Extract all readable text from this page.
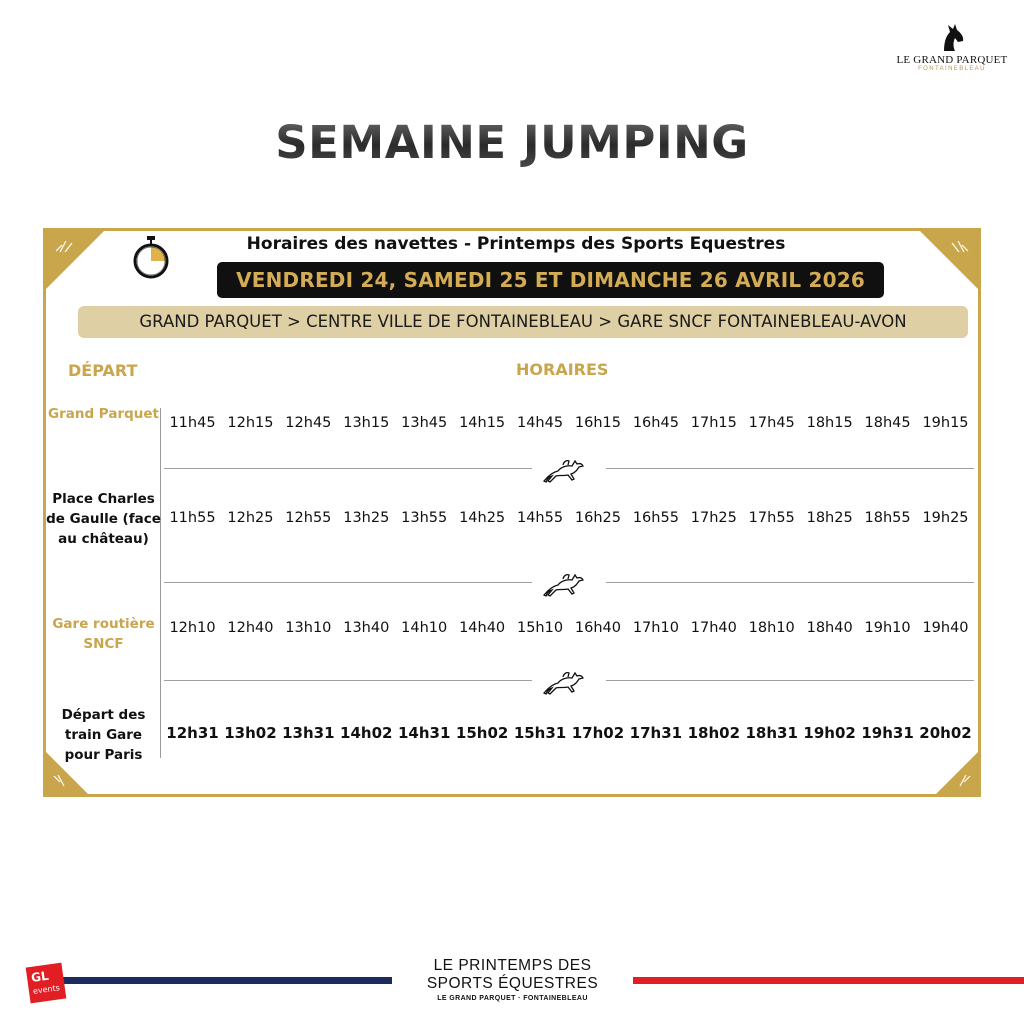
LE GRAND PARQUET
FONTAINEBLEAU
SEMAINE JUMPING
Horaires des navettes - Printemps des Sports Equestres
VENDREDI 24, SAMEDI 25 ET DIMANCHE 26 AVRIL 2026
GRAND PARQUET > CENTRE VILLE DE FONTAINEBLEAU > GARE SNCF FONTAINEBLEAU-AVON
DÉPART	HORAIRES
Grand Parquet
11h45 12h15 12h45 13h15 13h45 14h15 14h45 16h15 16h45 17h15 17h45 18h15 18h45 19h15
Place Charles de Gaulle (face au château)
11h55 12h25 12h55 13h25 13h55 14h25 14h55 16h25 16h55 17h25 17h55 18h25 18h55 19h25
Gare routière SNCF
12h10 12h40 13h10 13h40 14h10 14h40 15h10 16h40 17h10 17h40 18h10 18h40 19h10 19h40
Départ des train Gare pour Paris
12h31 13h02 13h31 14h02 14h31 15h02 15h31 17h02 17h31 18h02 18h31 19h02 19h31 20h02
GL
events
LE PRINTEMPS DES
SPORTS ÉQUESTRES
LE GRAND PARQUET · FONTAINEBLEAU
